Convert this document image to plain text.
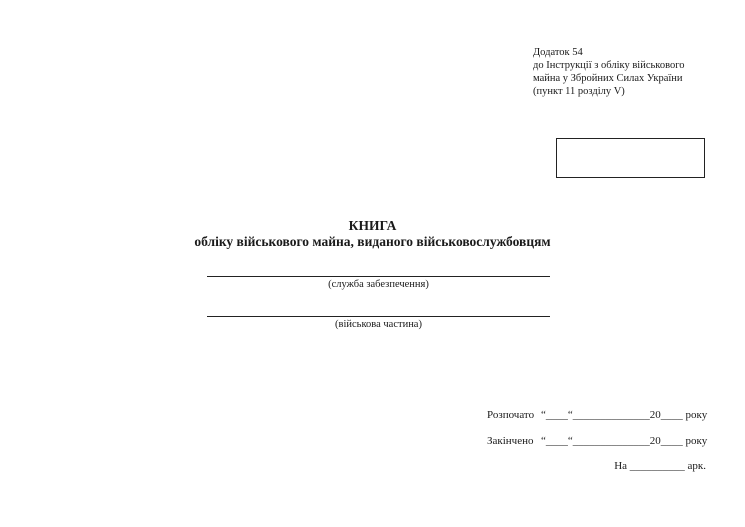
Додаток 54
до Інструкції з обліку військового
майна у Збройних Силах України
(пункт 11 розділу V)
КНИГА
обліку військового майна, виданого військовослужбовцям
(служба забезпечення)
(військова частина)
Розпочато “____“______________20____ року
Закінчено “____“______________20____ року
На __________ арк.
